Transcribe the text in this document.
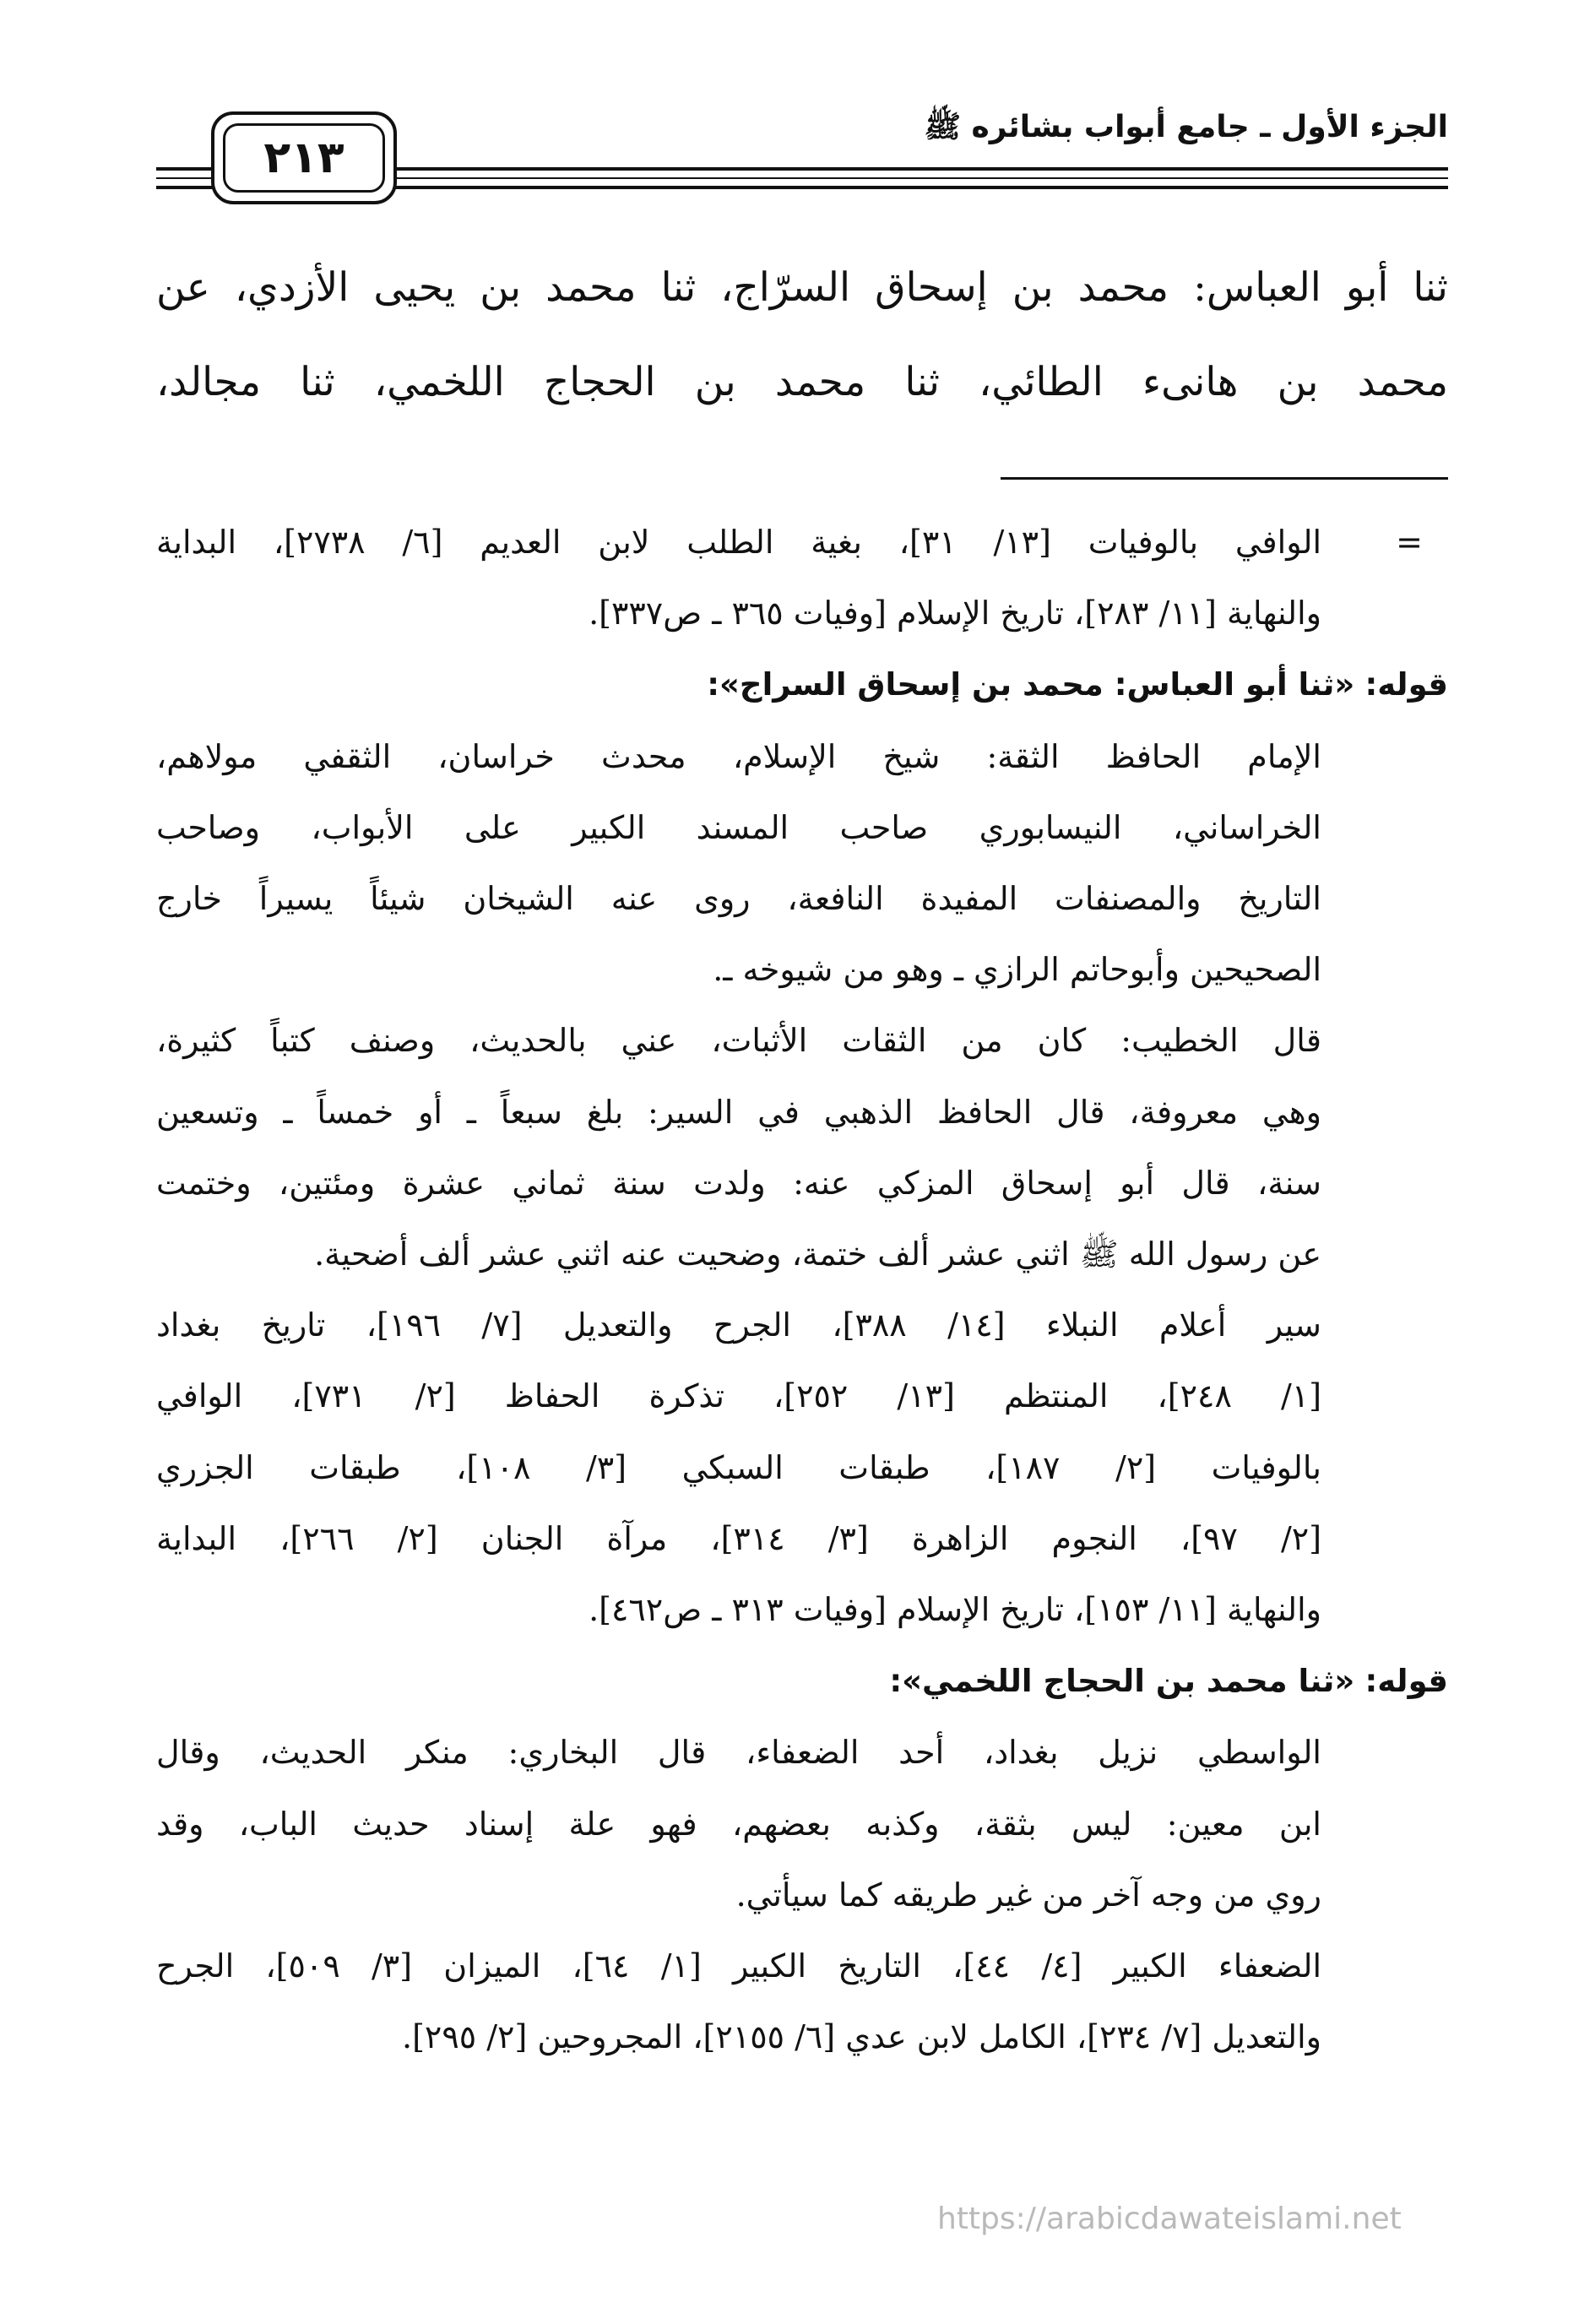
٢١٣
الجزء الأول ـ جامع أبواب بشائره ﷺ

ثنا أبو العباس: محمد بن إسحاق السرّاج، ثنا محمد بن يحيى الأزدي، عن

محمد بن هانىء الطائي، ثنا محمد بن الحجاج اللخمي، ثنا مجالد،

=
الوافي بالوفيات [١٣/ ٣١]، بغية الطلب لابن العديم [٦/ ٢٧٣٨]، البداية

والنهاية [١١/ ٢٨٣]، تاريخ الإسلام [وفيات ٣٦٥ ـ ص٣٣٧].

قوله: «ثنا أبو العباس: محمد بن إسحاق السراج»:

الإمام الحافظ الثقة: شيخ الإسلام، محدث خراسان، الثقفي مولاهم،

الخراساني، النيسابوري صاحب المسند الكبير على الأبواب، وصاحب

التاريخ والمصنفات المفيدة النافعة، روى عنه الشيخان شيئاً يسيراً خارج

الصحيحين وأبوحاتم الرازي ـ وهو من شيوخه ـ.

قال الخطيب: كان من الثقات الأثبات، عني بالحديث، وصنف كتباً كثيرة،

وهي معروفة، قال الحافظ الذهبي في السير: بلغ سبعاً ـ أو خمساً ـ وتسعين

سنة، قال أبو إسحاق المزكي عنه: ولدت سنة ثماني عشرة ومئتين، وختمت

عن رسول الله ﷺ اثني عشر ألف ختمة، وضحيت عنه اثني عشر ألف أضحية.

سير أعلام النبلاء [١٤/ ٣٨٨]، الجرح والتعديل [٧/ ١٩٦]، تاريخ بغداد

[١/ ٢٤٨]، المنتظم [١٣/ ٢٥٢]، تذكرة الحفاظ [٢/ ٧٣١]، الوافي

بالوفيات [٢/ ١٨٧]، طبقات السبكي [٣/ ١٠٨]، طبقات الجزري

[٢/ ٩٧]، النجوم الزاهرة [٣/ ٣١٤]، مرآة الجنان [٢/ ٢٦٦]، البداية

والنهاية [١١/ ١٥٣]، تاريخ الإسلام [وفيات ٣١٣ ـ ص٤٦٢].

قوله: «ثنا محمد بن الحجاج اللخمي»:

الواسطي نزيل بغداد، أحد الضعفاء، قال البخاري: منكر الحديث، وقال

ابن معين: ليس بثقة، وكذبه بعضهم، فهو علة إسناد حديث الباب، وقد

روي من وجه آخر من غير طريقه كما سيأتي.

الضعفاء الكبير [٤/ ٤٤]، التاريخ الكبير [١/ ٦٤]، الميزان [٣/ ٥٠٩]، الجرح

والتعديل [٧/ ٢٣٤]، الكامل لابن عدي [٦/ ٢١٥٥]، المجروحين [٢/ ٢٩٥].

https://arabicdawateislami.net
